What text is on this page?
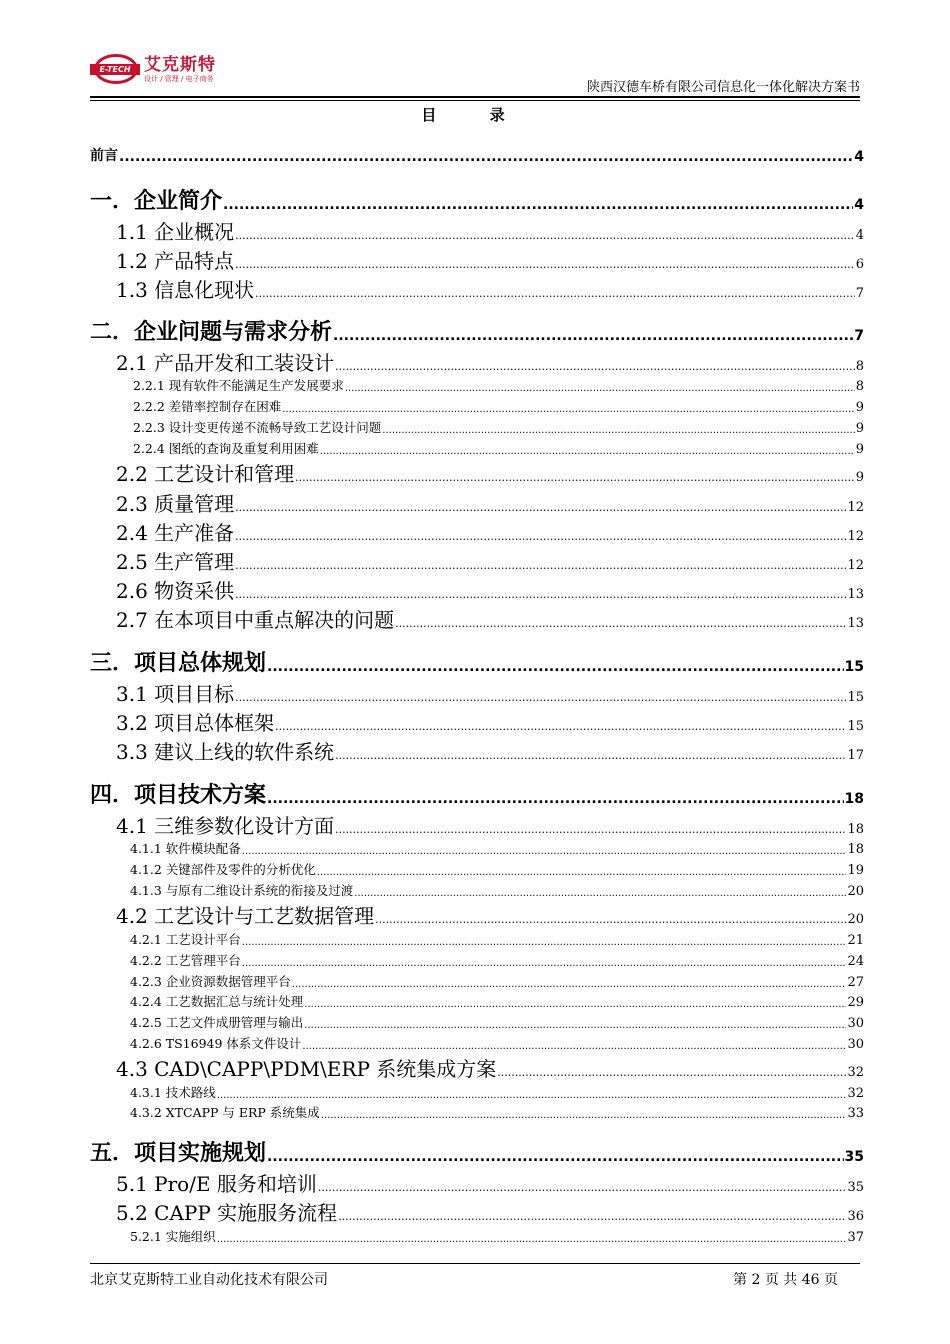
E-TECH 艾克斯特
设计 / 管理 / 电子商务
陕西汉德车桥有限公司信息化一体化解决方案书
目 录
前言 .....	4
一．企业简介 .....	4
1.1 企业概况 .....	4
1.2 产品特点 .....	6
1.3 信息化现状 .....	7
二．企业问题与需求分析 .....	7
2.1 产品开发和工装设计 .....	8
2.2.1 现有软件不能满足生产发展要求 .....	8
2.2.2 差错率控制存在困难 .....	9
2.2.3 设计变更传递不流畅导致工艺设计问题 .....	9
2.2.4 图纸的查询及重复利用困难 .....	9
2.2 工艺设计和管理 .....	9
2.3 质量管理 .....	12
2.4 生产准备 .....	12
2.5 生产管理 .....	12
2.6 物资采供 .....	13
2.7 在本项目中重点解决的问题 .....	13
三．项目总体规划 .....	15
3.1 项目目标 .....	15
3.2 项目总体框架 .....	15
3.3 建议上线的软件系统 .....	17
四．项目技术方案 .....	18
4.1 三维参数化设计方面 .....	18
4.1.1 软件模块配备 .....	18
4.1.2 关键部件及零件的分析优化 .....	19
4.1.3 与原有二维设计系统的衔接及过渡 .....	20
4.2 工艺设计与工艺数据管理 .....	20
4.2.1 工艺设计平台 .....	21
4.2.2 工艺管理平台 .....	24
4.2.3 企业资源数据管理平台 .....	27
4.2.4 工艺数据汇总与统计处理 .....	29
4.2.5 工艺文件成册管理与输出 .....	30
4.2.6 TS16949 体系文件设计 .....	30
4.3 CAD\CAPP\PDM\ERP 系统集成方案 .....	32
4.3.1 技术路线 .....	32
4.3.2 XTCAPP 与 ERP 系统集成 .....	33
五．项目实施规划 .....	35
5.1 Pro/E 服务和培训 .....	35
5.2 CAPP 实施服务流程 .....	36
5.2.1 实施组织 .....	37
北京艾克斯特工业自动化技术有限公司	第 2 页 共 46 页
